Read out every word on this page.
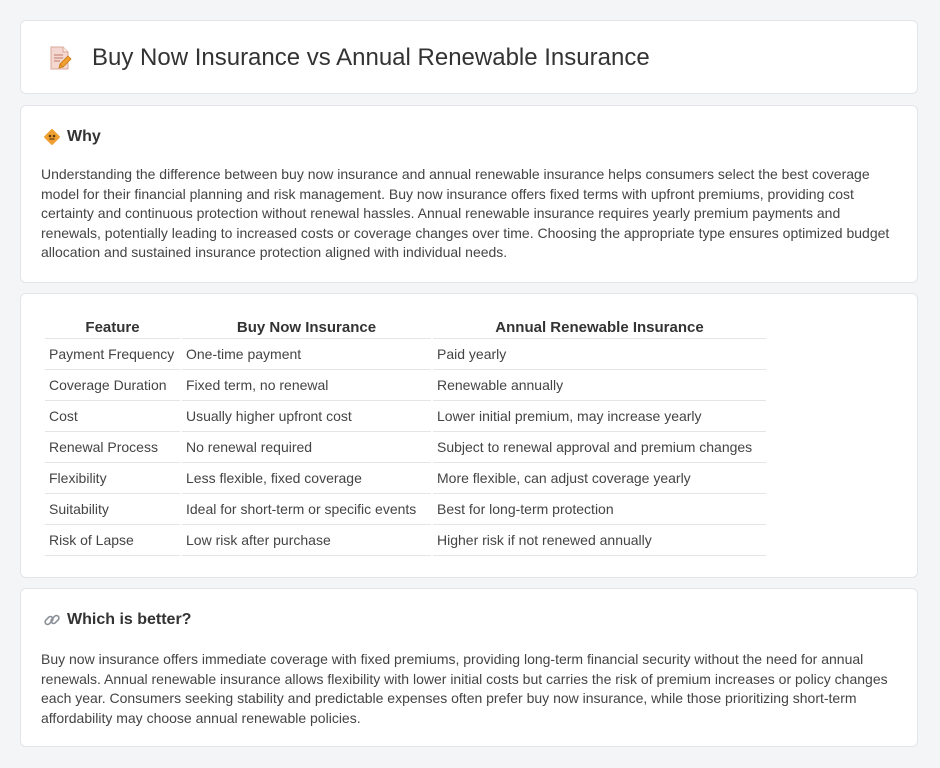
Buy Now Insurance vs Annual Renewable Insurance
Why

Understanding the difference between buy now insurance and annual renewable insurance helps consumers select the best coverage model for their financial planning and risk management. Buy now insurance offers fixed terms with upfront premiums, providing cost certainty and continuous protection without renewal hassles. Annual renewable insurance requires yearly premium payments and renewals, potentially leading to increased costs or coverage changes over time. Choosing the appropriate type ensures optimized budget allocation and sustained insurance protection aligned with individual needs.

Feature	Buy Now Insurance	Annual Renewable Insurance
Payment Frequency	One-time payment	Paid yearly
Coverage Duration	Fixed term, no renewal	Renewable annually
Cost	Usually higher upfront cost	Lower initial premium, may increase yearly
Renewal Process	No renewal required	Subject to renewal approval and premium changes
Flexibility	Less flexible, fixed coverage	More flexible, can adjust coverage yearly
Suitability	Ideal for short-term or specific events	Best for long-term protection
Risk of Lapse	Low risk after purchase	Higher risk if not renewed annually
Which is better?

Buy now insurance offers immediate coverage with fixed premiums, providing long-term financial security without the need for annual renewals. Annual renewable insurance allows flexibility with lower initial costs but carries the risk of premium increases or policy changes each year. Consumers seeking stability and predictable expenses often prefer buy now insurance, while those prioritizing short-term affordability may choose annual renewable policies.
